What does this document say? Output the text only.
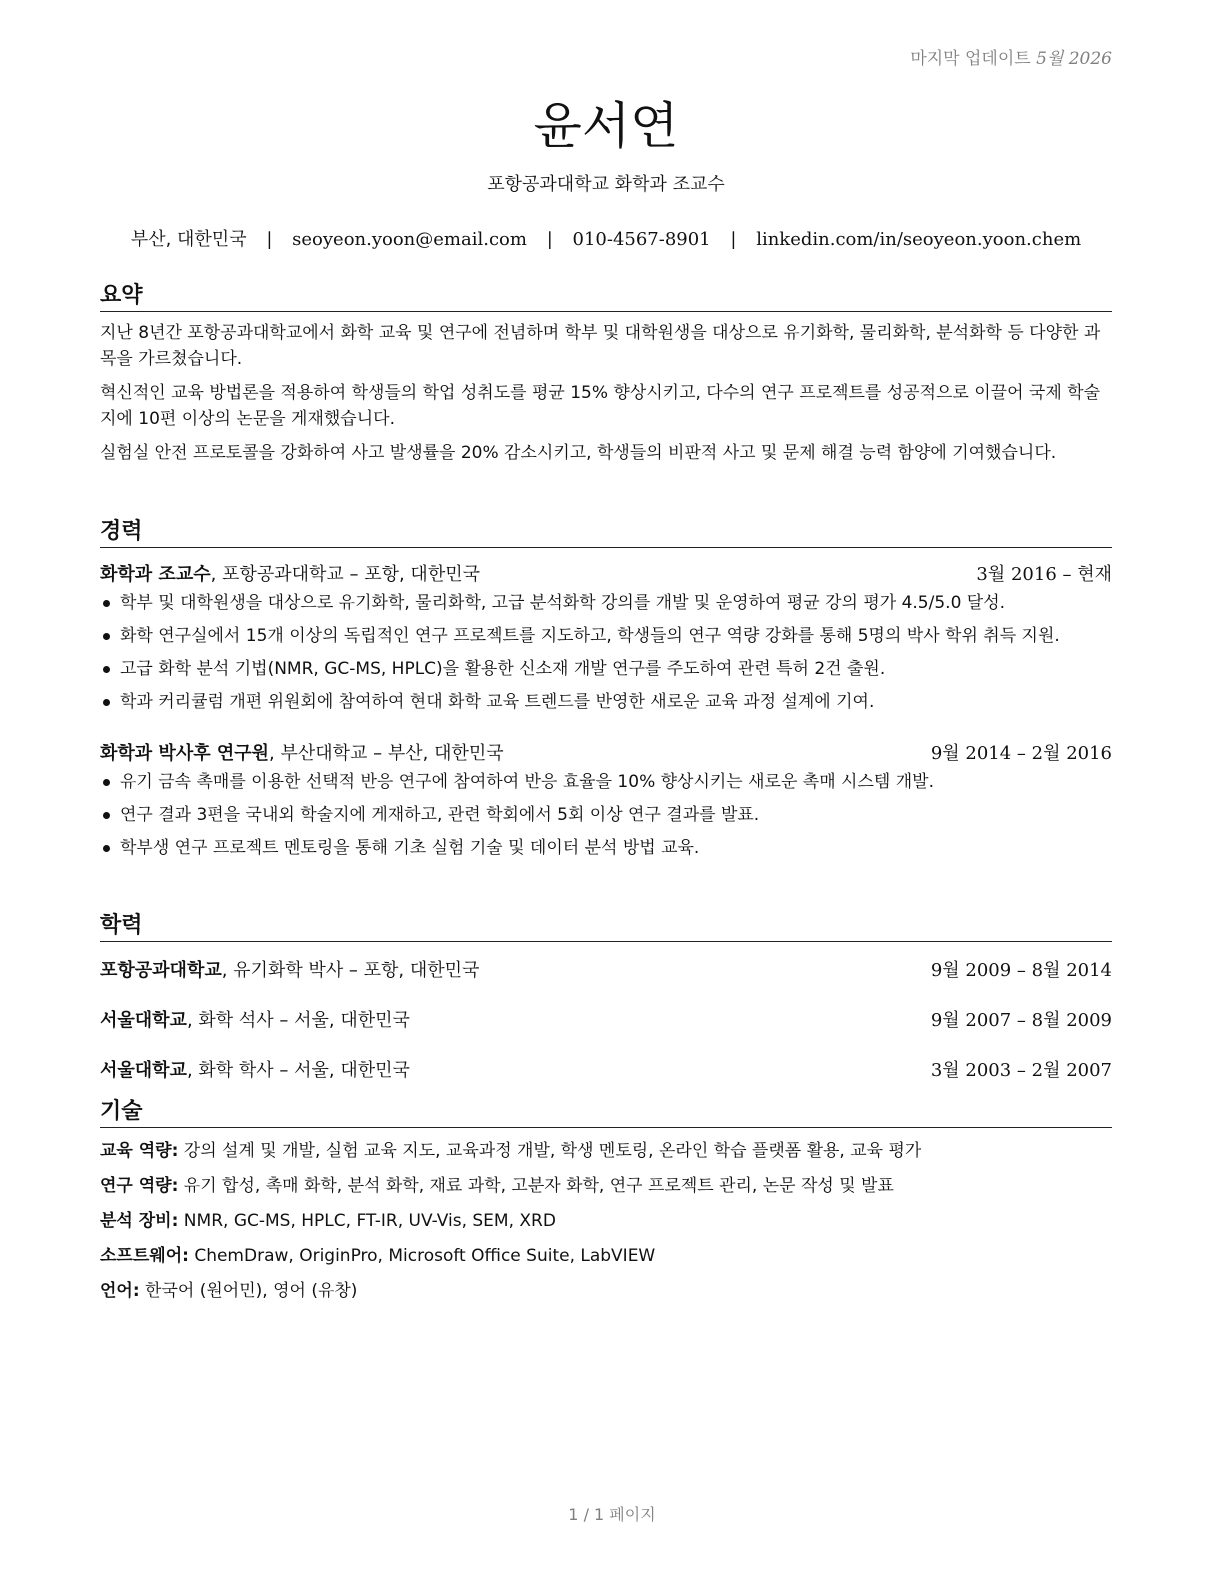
마지막 업데이트 5월 2026
윤서연
포항공과대학교 화학과 조교수
부산, 대한민국 | seoyeon.yoon@email.com | 010-4567-8901 | linkedin.com/in/seoyeon.yoon.chem
요약

지난 8년간 포항공과대학교에서 화학 교육 및 연구에 전념하며 학부 및 대학원생을 대상으로 유기화학, 물리화학, 분석화학 등 다양한 과목을 가르쳤습니다.

혁신적인 교육 방법론을 적용하여 학생들의 학업 성취도를 평균 15% 향상시키고, 다수의 연구 프로젝트를 성공적으로 이끌어 국제 학술지에 10편 이상의 논문을 게재했습니다.

실험실 안전 프로토콜을 강화하여 사고 발생률을 20% 감소시키고, 학생들의 비판적 사고 및 문제 해결 능력 함양에 기여했습니다.

경력
화학과 조교수, 포항공과대학교 – 포항, 대한민국	3월 2016 – 현재
학부 및 대학원생을 대상으로 유기화학, 물리화학, 고급 분석화학 강의를 개발 및 운영하여 평균 강의 평가 4.5/5.0 달성.
화학 연구실에서 15개 이상의 독립적인 연구 프로젝트를 지도하고, 학생들의 연구 역량 강화를 통해 5명의 박사 학위 취득 지원.
고급 화학 분석 기법(NMR, GC-MS, HPLC)을 활용한 신소재 개발 연구를 주도하여 관련 특허 2건 출원.
학과 커리큘럼 개편 위원회에 참여하여 현대 화학 교육 트렌드를 반영한 새로운 교육 과정 설계에 기여.
화학과 박사후 연구원, 부산대학교 – 부산, 대한민국	9월 2014 – 2월 2016
유기 금속 촉매를 이용한 선택적 반응 연구에 참여하여 반응 효율을 10% 향상시키는 새로운 촉매 시스템 개발.
연구 결과 3편을 국내외 학술지에 게재하고, 관련 학회에서 5회 이상 연구 결과를 발표.
학부생 연구 프로젝트 멘토링을 통해 기초 실험 기술 및 데이터 분석 방법 교육.
학력
포항공과대학교, 유기화학 박사 – 포항, 대한민국	9월 2009 – 8월 2014
서울대학교, 화학 석사 – 서울, 대한민국	9월 2007 – 8월 2009
서울대학교, 화학 학사 – 서울, 대한민국	3월 2003 – 2월 2007
기술
교육 역량: 강의 설계 및 개발, 실험 교육 지도, 교육과정 개발, 학생 멘토링, 온라인 학습 플랫폼 활용, 교육 평가
연구 역량: 유기 합성, 촉매 화학, 분석 화학, 재료 과학, 고분자 화학, 연구 프로젝트 관리, 논문 작성 및 발표
분석 장비: NMR, GC-MS, HPLC, FT-IR, UV-Vis, SEM, XRD
소프트웨어: ChemDraw, OriginPro, Microsoft Office Suite, LabVIEW
언어: 한국어 (원어민), 영어 (유창)
1 / 1 페이지
